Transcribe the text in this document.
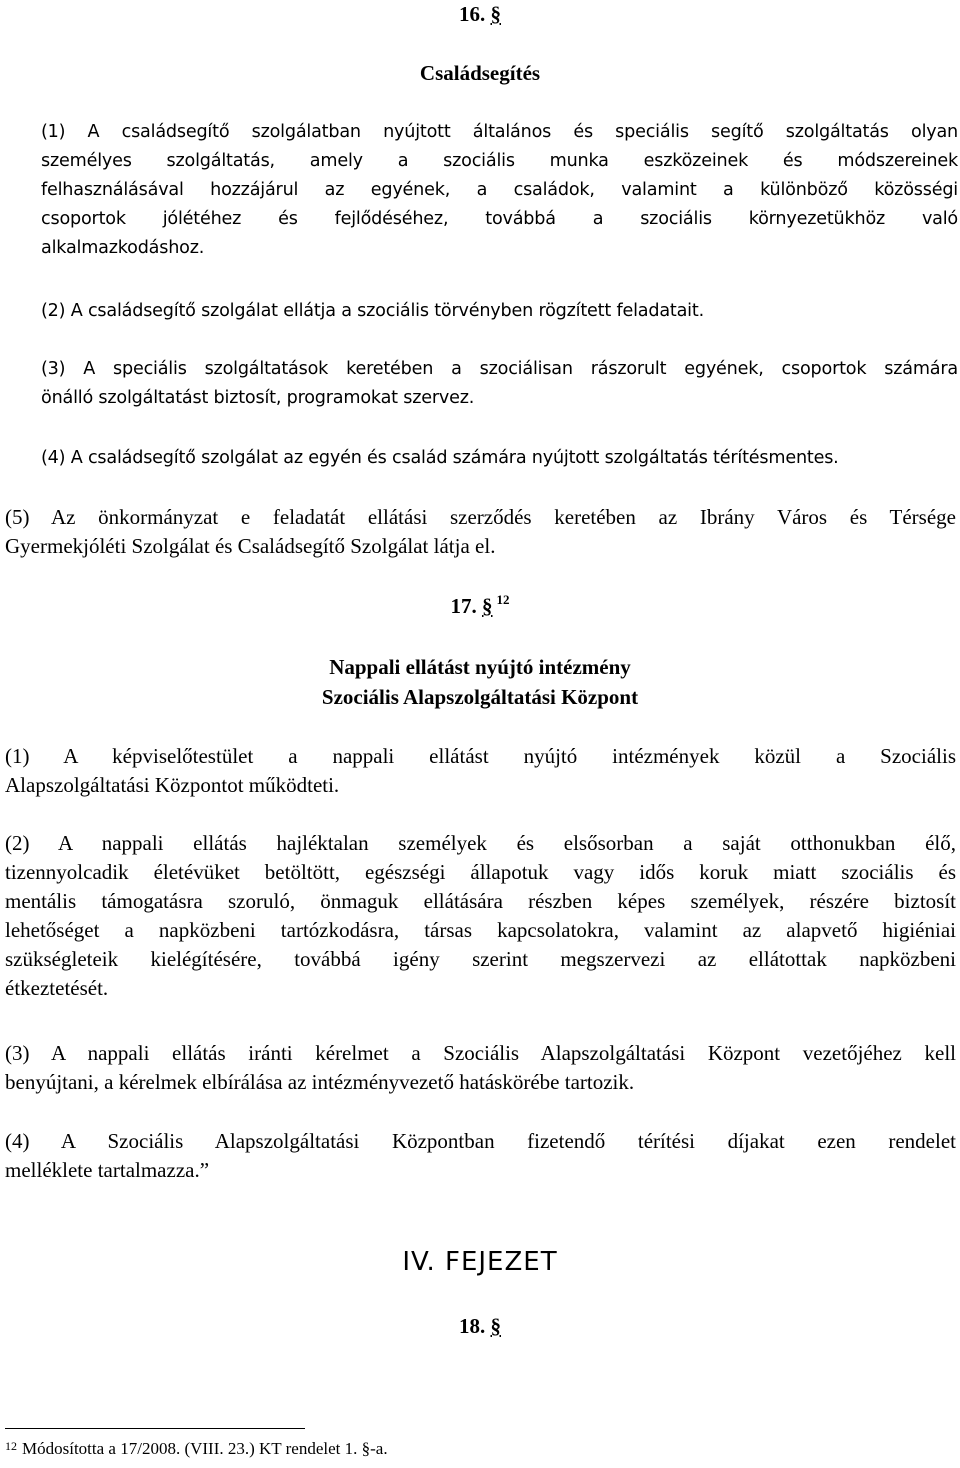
16. §
Családsegítés
(1) A családsegítő szolgálatban nyújtott általános és speciális segítő szolgáltatás olyan
személyes szolgáltatás, amely a szociális munka eszközeinek és módszereinek
felhasználásával hozzájárul az egyének, a családok, valamint a különböző közösségi
csoportok jólétéhez és fejlődéséhez, továbbá a szociális környezetükhöz való
alkalmazkodáshoz.
(2) A családsegítő szolgálat ellátja a szociális törvényben rögzített feladatait.
(3) A speciális szolgáltatások keretében a szociálisan rászorult egyének, csoportok számára
önálló szolgáltatást biztosít, programokat szervez.
(4) A családsegítő szolgálat az egyén és család számára nyújtott szolgáltatás térítésmentes.
(5) Az önkormányzat e feladatát ellátási szerződés keretében az Ibrány Város és Térsége
Gyermekjóléti Szolgálat és Családsegítő Szolgálat látja el.
17. § $^{12}$
Nappali ellátást nyújtó intézmény
Szociális Alapszolgáltatási Központ
(1) A képviselőtestület a nappali ellátást nyújtó intézmények közül a Szociális
Alapszolgáltatási Központot működteti.
(2) A nappali ellátás hajléktalan személyek és elsősorban a saját otthonukban élő,
tizennyolcadik életévüket betöltött, egészségi állapotuk vagy idős koruk miatt szociális és
mentális támogatásra szoruló, önmaguk ellátására részben képes személyek, részére biztosít
lehetőséget a napközbeni tartózkodásra, társas kapcsolatokra, valamint az alapvető higiéniai
szükségleteik kielégítésére, továbbá igény szerint megszervezi az ellátottak napközbeni
étkeztetését.
(3) A nappali ellátás iránti kérelmet a Szociális Alapszolgáltatási Központ vezetőjéhez kell
benyújtani, a kérelmek elbírálása az intézményvezető hatáskörébe tartozik.
(4) A Szociális Alapszolgáltatási Központban fizetendő térítési díjakat ezen rendelet
melléklete tartalmazza.”
IV. FEJEZET
18. §
$^{12}$ Módosította a 17/2008. (VIII. 23.) KT rendelet 1. §-a.
